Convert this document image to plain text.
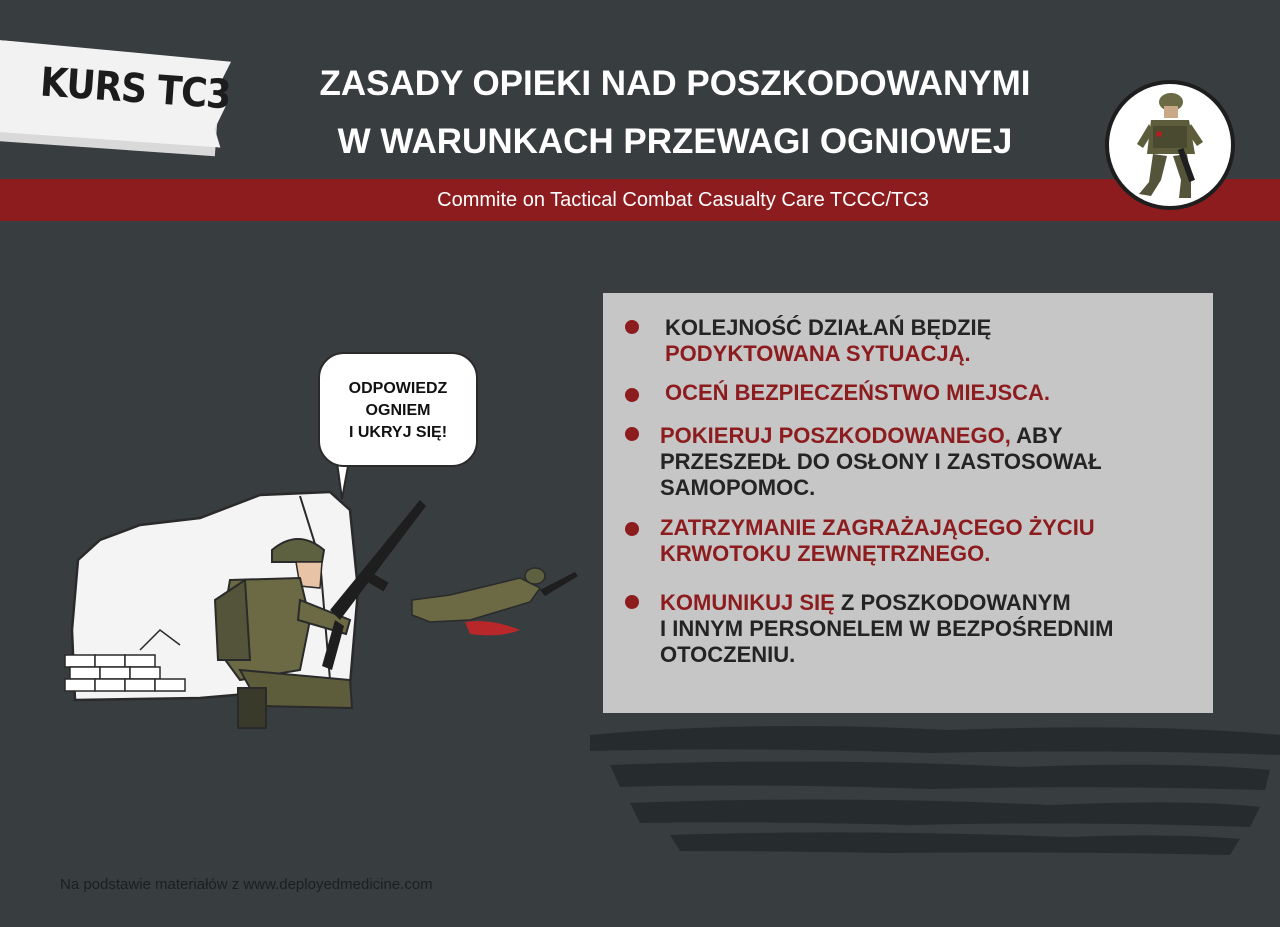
KURS TC3	ZASADY OPIEKI NAD POSZKODOWANYMI
W WARUNKACH PRZEWAGI OGNIOWEJ
Commite on Tactical Combat Casualty Care TCCC/TC3
ODPOWIEDZ
OGNIEM
I UKRYJ SIĘ!
KOLEJNOŚĆ DZIAŁAŃ BĘDZIĘ
PODYKTOWANA SYTUACJĄ.
OCEŃ BEZPIECZEŃSTWO MIEJSCA.
POKIERUJ POSZKODOWANEGO, ABY
PRZESZEDŁ DO OSŁONY I ZASTOSOWAŁ
SAMOPOMOC.
ZATRZYMANIE ZAGRAŻAJĄCEGO ŻYCIU
KRWOTOKU ZEWNĘTRZNEGO.
KOMUNIKUJ SIĘ Z POSZKODOWANYM
I INNYM PERSONELEM W BEZPOŚREDNIM
OTOCZENIU.
Na podstawie materiałów z www.deployedmedicine.com
